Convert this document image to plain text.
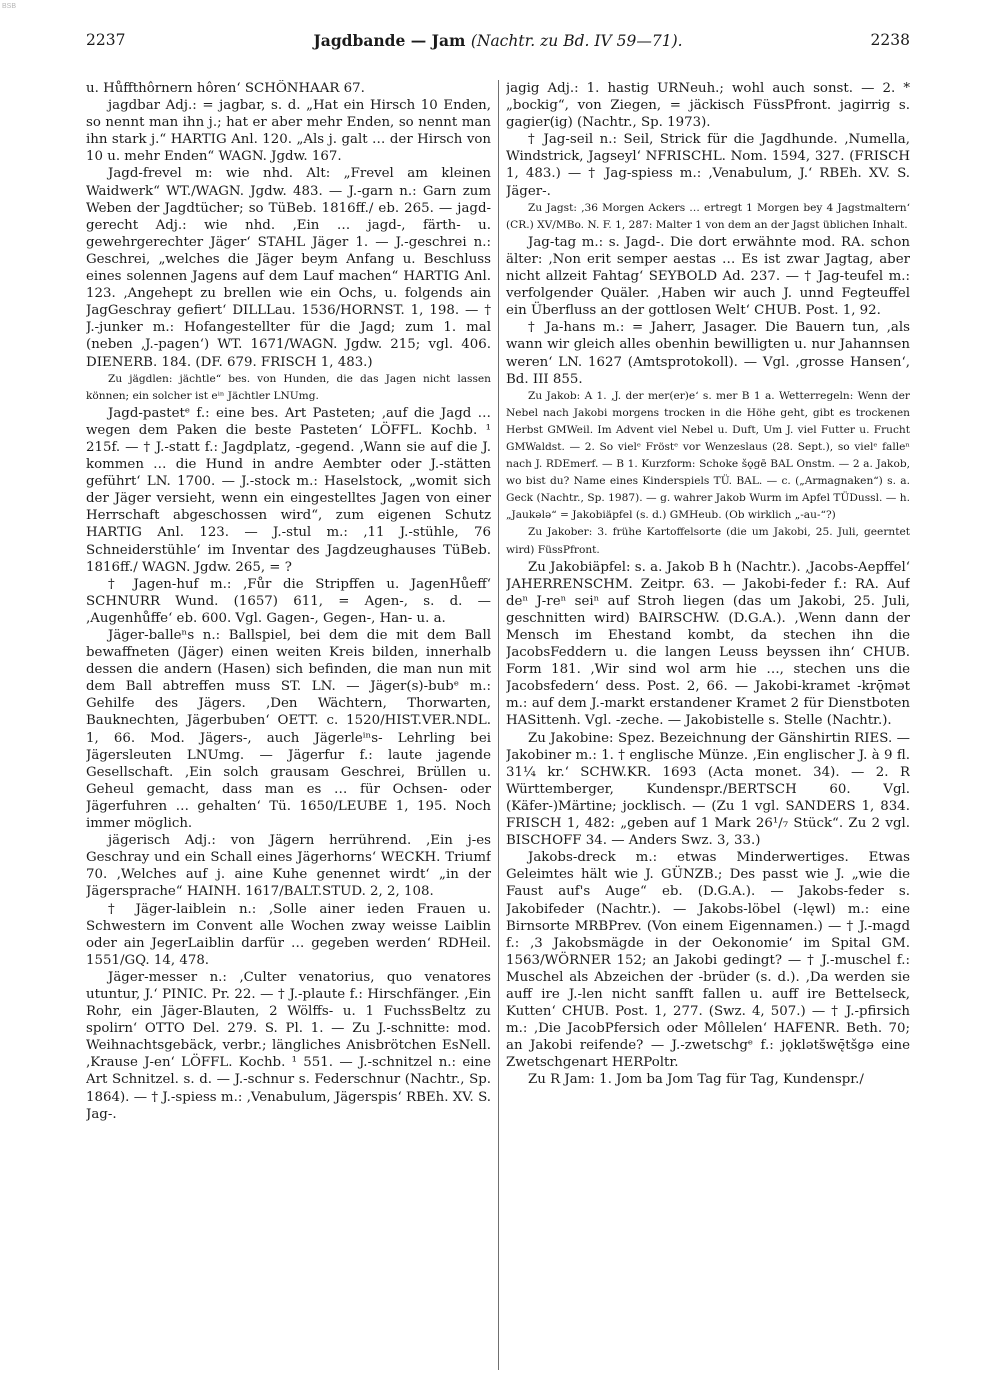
BSB
2237	Jagdbande — Jam (Nachtr. zu Bd. IV 59—71).	2238

u. Hůffthôrnern hôren‘ SCHÖNHAAR 67.

jagdbar Adj.: = jagbar, s. d. „Hat ein Hirsch 10 Enden, so nennt man ihn j.; hat er aber mehr Enden, so nennt man ihn stark j.“ HARTIG Anl. 120. „Als j. galt … der Hirsch von 10 u. mehr Enden“ WAGN. Jgdw. 167.

Jagd-frevel m: wie nhd. Alt: „Frevel am kleinen Waidwerk“ WT./WAGN. Jgdw. 483. — J.-garn n.: Garn zum Weben der Jagdtücher; so TüBeb. 1816ff./ eb. 265. — jagd-gerecht Adj.: wie nhd. ‚Ein … jagd-, färth- u. gewehrgerechter Jäger‘ STAHL Jäger 1. — J.-geschrei n.: Geschrei, „welches die Jäger beym Anfang u. Beschluss eines solennen Jagens auf dem Lauf machen“ HARTIG Anl. 123. ‚Angehept zu brellen wie ein Ochs, u. folgends ain JagGeschray gefiert‘ DILLLau. 1536/HORNST. 1, 198. — † J.-junker m.: Hofangestellter für die Jagd; zum 1. mal (neben ‚J.-pagen‘) WT. 1671/WAGN. Jgdw. 215; vgl. 406. DIENERB. 184. (DF. 679. FRISCH 1, 483.)

Zu jägdlen: jächtle“ bes. von Hunden, die das Jagen nicht lassen können; ein solcher ist eⁱⁿ Jächtler LNUmg.

Jagd-pastetᵉ f.: eine bes. Art Pasteten; ‚auf die Jagd … wegen dem Paken die beste Pasteten‘ LÖFFL. Kochb. ¹ 215f. — † J.-statt f.: Jagdplatz, -gegend. ‚Wann sie auf die J. kommen … die Hund in andre Aembter oder J.-stätten geführt‘ LN. 1700. — J.-stock m.: Haselstock, „womit sich der Jäger versieht, wenn ein eingestelltes Jagen von einer Herrschaft abgeschossen wird“, zum eigenen Schutz HARTIG Anl. 123. — J.-stul m.: ‚11 J.-stühle, 76 Schneiderstühle‘ im Inventar des Jagdzeughauses TüBeb. 1816ff./ WAGN. Jgdw. 265, = ?

† Jagen-huf m.: ‚Fůr die Stripffen u. JagenHůeff‘ SCHNURR Wund. (1657) 611, = Agen-, s. d. — ‚Augenhůffe‘ eb. 600. Vgl. Gagen-, Gegen-, Han- u. a.

Jäger-balleⁿs n.: Ballspiel, bei dem die mit dem Ball bewaffneten (Jäger) einen weiten Kreis bilden, innerhalb dessen die andern (Hasen) sich befinden, die man nun mit dem Ball abtreffen muss ST. LN. — Jäger(s)-bubᵉ m.: Gehilfe des Jägers. ‚Den Wächtern, Thorwarten, Bauknechten, Jägerbuben‘ OETT. c. 1520/HIST.VER.NDL. 1, 66. Mod. Jägers-, auch Jägerleⁱⁿs- Lehrling bei Jägersleuten LNUmg. — Jägerfur f.: laute jagende Gesellschaft. ‚Ein solch grausam Geschrei, Brüllen u. Geheul gemacht, dass man es … für Ochsen- oder Jägerfuhren … gehalten‘ Tü. 1650/LEUBE 1, 195. Noch immer möglich.

jägerisch Adj.: von Jägern herrührend. ‚Ein j-es Geschray und ein Schall eines Jägerhorns‘ WECKH. Triumf 70. ‚Welches auf j. aine Kuhe genennet wirdt‘ „in der Jägersprache“ HAINH. 1617/BALT.STUD. 2, 2, 108.

† Jäger-laiblein n.: ‚Solle ainer ieden Frauen u. Schwestern im Convent alle Wochen zway weisse Laiblin oder ain JegerLaiblin darfür … gegeben werden‘ RDHeil. 1551/GQ. 14, 478.

Jäger-messer n.: ‚Culter venatorius, quo venatores utuntur, J.‘ PINIC. Pr. 22. — † J.-plaute f.: Hirschfänger. ‚Ein Rohr, ein Jäger-Blauten, 2 Wölffs- u. 1 FuchssBeltz zu spolirn‘ OTTO Del. 279. S. Pl. 1. — Zu J.-schnitte: mod. Weihnachtsgebäck, verbr.; längliches Anisbrötchen EsNell. ‚Krause J-en‘ LÖFFL. Kochb. ¹ 551. — J.-schnitzel n.: eine Art Schnitzel. s. d. — J.-schnur s. Federschnur (Nachtr., Sp. 1864). — † J.-spiess m.: ‚Venabulum, Jägerspis‘ RBEh. XV. S. Jag-.

jagig Adj.: 1. hastig URNeuh.; wohl auch sonst. — 2. * „bockig“, von Ziegen, = jäckisch FüssPfront. jagirrig s. gagier(ig) (Nachtr., Sp. 1973).

† Jag-seil n.: Seil, Strick für die Jagdhunde. ‚Numella, Windstrick, Jagseyl‘ NFRISCHL. Nom. 1594, 327. (FRISCH 1, 483.) — † Jag-spiess m.: ‚Venabulum, J.‘ RBEh. XV. S. Jäger-.

Zu Jagst: ‚36 Morgen Ackers … ertregt 1 Morgen bey 4 Jagstmaltern‘ (CR.) XV/MBo. N. F. 1, 287: Malter 1 von dem an der Jagst üblichen Inhalt.

Jag-tag m.: s. Jagd-. Die dort erwähnte mod. RA. schon älter: ‚Non erit semper aestas … Es ist zwar Jagtag, aber nicht allzeit Fahtag‘ SEYBOLD Ad. 237. — † Jag-teufel m.: verfolgender Quäler. ‚Haben wir auch J. unnd Fegteuffel ein Überfluss an der gottlosen Welt‘ CHUB. Post. 1, 92.

† Ja-hans m.: = Jaherr, Jasager. Die Bauern tun, ‚als wann wir gleich alles obenhin bewilligten u. nur Jahannsen weren‘ LN. 1627 (Amtsprotokoll). — Vgl. ‚grosse Hansen‘, Bd. III 855.

Zu Jakob: A 1. ‚J. der mer(er)e‘ s. mer B 1 a. Wetterregeln: Wenn der Nebel nach Jakobi morgens trocken in die Höhe geht, gibt es trockenen Herbst GMWeil. Im Advent viel Nebel u. Duft, Um J. viel Futter u. Frucht GMWaldst. — 2. So vielᵉ Fröstᵉ vor Wenzeslaus (28. Sept.), so vielᵉ falleⁿ nach J. RDEmerf. — B 1. Kurzform: Schoke šǫgē BAL Onstm. — 2 a. Jakob, wo bist du? Name eines Kinderspiels TÜ. BAL. — c. („Armagnaken“) s. a. Geck (Nachtr., Sp. 1987). — g. wahrer Jakob Wurm im Apfel TÜDussl. — h. „Jaukələ“ = Jakobiäpfel (s. d.) GMHeub. (Ob wirklich „-au-“?)

Zu Jakober: 3. frühe Kartoffelsorte (die um Jakobi, 25. Juli, geerntet wird) FüssPfront.

Zu Jakobiäpfel: s. a. Jakob B h (Nachtr.). ‚Jacobs-Aepffel‘ JAHERRENSCHM. Zeitpr. 63. — Jakobi-feder f.: RA. Auf deⁿ J-reⁿ seiⁿ auf Stroh liegen (das um Jakobi, 25. Juli, geschnitten wird) BAIRSCHW. (D.G.A.). ‚Wenn dann der Mensch im Ehestand kombt, da stechen ihn die JacobsFeddern u. die langen Leuss beyssen ihn‘ CHUB. Form 181. ‚Wir sind wol arm hie …, stechen uns die Jacobsfedern‘ dess. Post. 2, 66. — Jakobi-kramet -krǭmət m.: auf dem J.-markt erstandener Kramet 2 für Dienstboten HASittenh. Vgl. -zeche. — Jakobistelle s. Stelle (Nachtr.).

Zu Jakobine: Spez. Bezeichnung der Gänshirtin RIES. — Jakobiner m.: 1. † englische Münze. ‚Ein englischer J. à 9 fl. 31¼ kr.‘ SCHW.KR. 1693 (Acta monet. 34). — 2. R Württemberger, Kundenspr./BERTSCH 60. Vgl. (Käfer-)Märtine; jocklisch. — (Zu 1 vgl. SANDERS 1, 834. FRISCH 1, 482: „geben auf 1 Mark 26¹/₇ Stück“. Zu 2 vgl. BISCHOFF 34. — Anders Swz. 3, 33.)

Jakobs-dreck m.: etwas Minderwertiges. Etwas Geleimtes hält wie J. GÜNZB.; Des passt wie J. „wie die Faust auf's Auge“ eb. (D.G.A.). — Jakobs-feder s. Jakobifeder (Nachtr.). — Jakobs-löbel (-lęwl) m.: eine Birnsorte MRBPrev. (Von einem Eigennamen.) — † J.-magd f.: ‚3 Jakobsmägde in der Oekonomie‘ im Spital GM. 1563/WÖRNER 152; an Jakobi gedingt? — † J.-muschel f.: Muschel als Abzeichen der -brüder (s. d.). ‚Da werden sie auff ire J.-len nicht sanfft fallen u. auff ire Bettelseck, Kutten‘ CHUB. Post. 1, 277. (Swz. 4, 507.) — † J.-pfirsich m.: ‚Die JacobPfersich oder Môllelen‘ HAFENR. Beth. 70; an Jakobi reifende? — J.-zwetschgᵉ f.: jǫkləts̆wę̄tšgə eine Zwetschgenart HERPoltr.

Zu R Jam: 1. Jom ba Jom Tag für Tag, Kundenspr./
